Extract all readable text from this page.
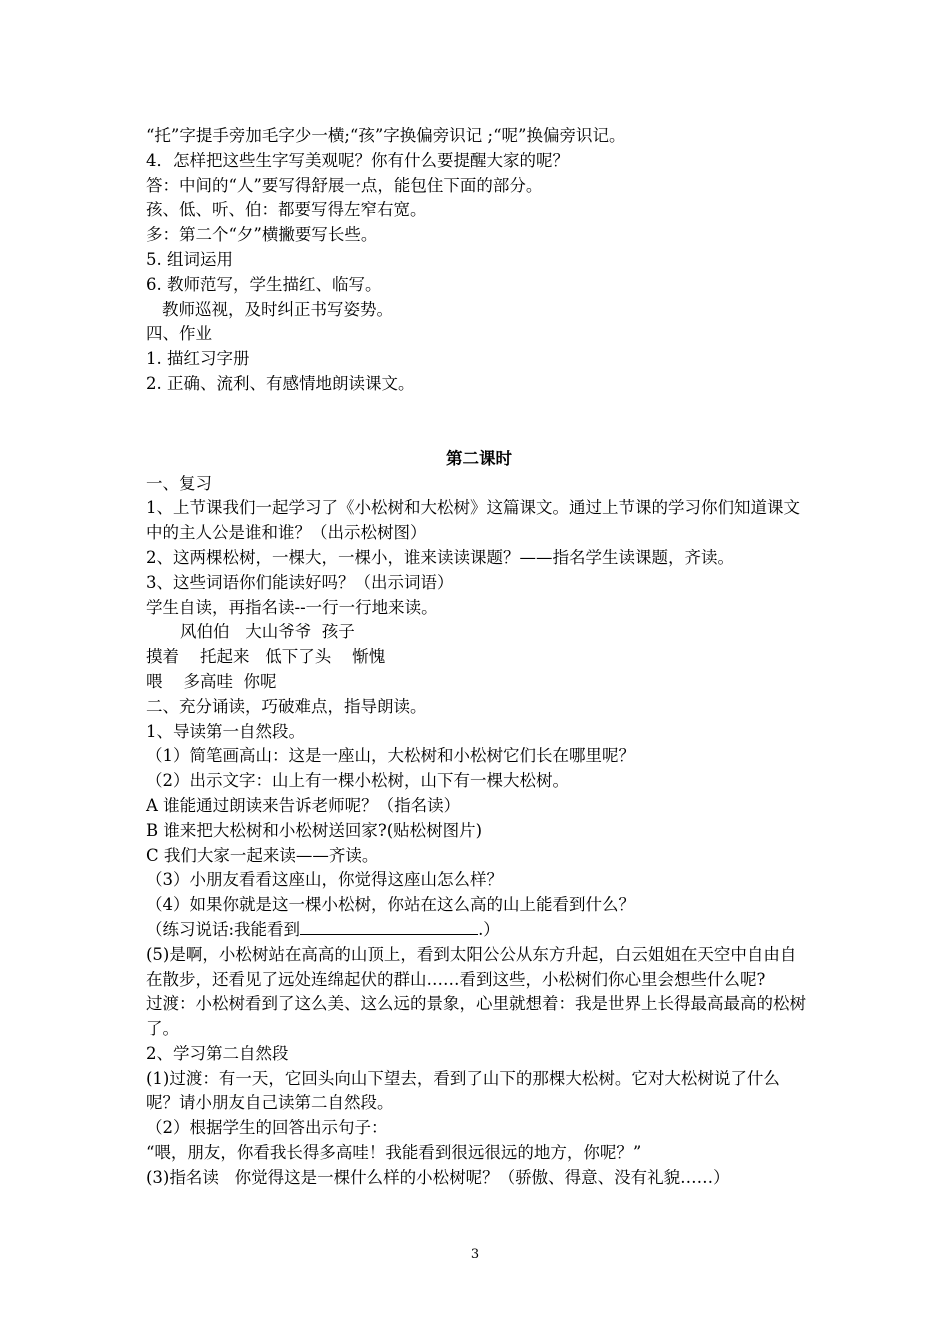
“托”字提手旁加毛字少一横;“孩”字换偏旁识记 ;“呢”换偏旁识记。
4．怎样把这些生字写美观呢？你有什么要提醒大家的呢？
答：中间的“人”要写得舒展一点，能包住下面的部分。
孩、低、听、伯：都要写得左窄右宽。
多：第二个“夕”横撇要写长些。
5. 组词运用
6. 教师范写，学生描红、临写。
教师巡视，及时纠正书写姿势。
四、作业
1. 描红习字册
2. 正确、流利、有感情地朗读课文。
第二课时
一、复习
1、上节课我们一起学习了《小松树和大松树》这篇课文。通过上节课的学习你们知道课文中的主人公是谁和谁？（出示松树图）
2、这两棵松树，一棵大，一棵小，谁来读读课题？——指名学生读课题，齐读。
3、这些词语你们能读好吗？（出示词语）
学生自读，再指名读--一行一行地来读。
风伯伯   大山爷爷  孩子
摸着    托起来   低下了头    惭愧
喂    多高哇  你呢
二、充分诵读，巧破难点，指导朗读。
1、导读第一自然段。
（1）简笔画高山：这是一座山，大松树和小松树它们长在哪里呢？
（2）出示文字：山上有一棵小松树，山下有一棵大松树。
A 谁能通过朗读来告诉老师呢？（指名读）
B 谁来把大松树和小松树送回家?(贴松树图片)
C 我们大家一起来读——齐读。
（3）小朋友看看这座山，你觉得这座山怎么样？
（4）如果你就是这一棵小松树，你站在这么高的山上能看到什么？
（练习说话:我能看到	.）
(5)是啊，小松树站在高高的山顶上，看到太阳公公从东方升起，白云姐姐在天空中自由自在散步，还看见了远处连绵起伏的群山……看到这些，小松树们你心里会想些什么呢?
过渡：小松树看到了这么美、这么远的景象，心里就想着：我是世界上长得最高最高的松树了。
2、学习第二自然段
(1)过渡：有一天，它回头向山下望去，看到了山下的那棵大松树。它对大松树说了什么呢？请小朋友自己读第二自然段。
（2）根据学生的回答出示句子：
“喂，朋友，你看我长得多高哇！我能看到很远很远的地方，你呢？”
(3)指名读   你觉得这是一棵什么样的小松树呢？（骄傲、得意、没有礼貌……）
3
